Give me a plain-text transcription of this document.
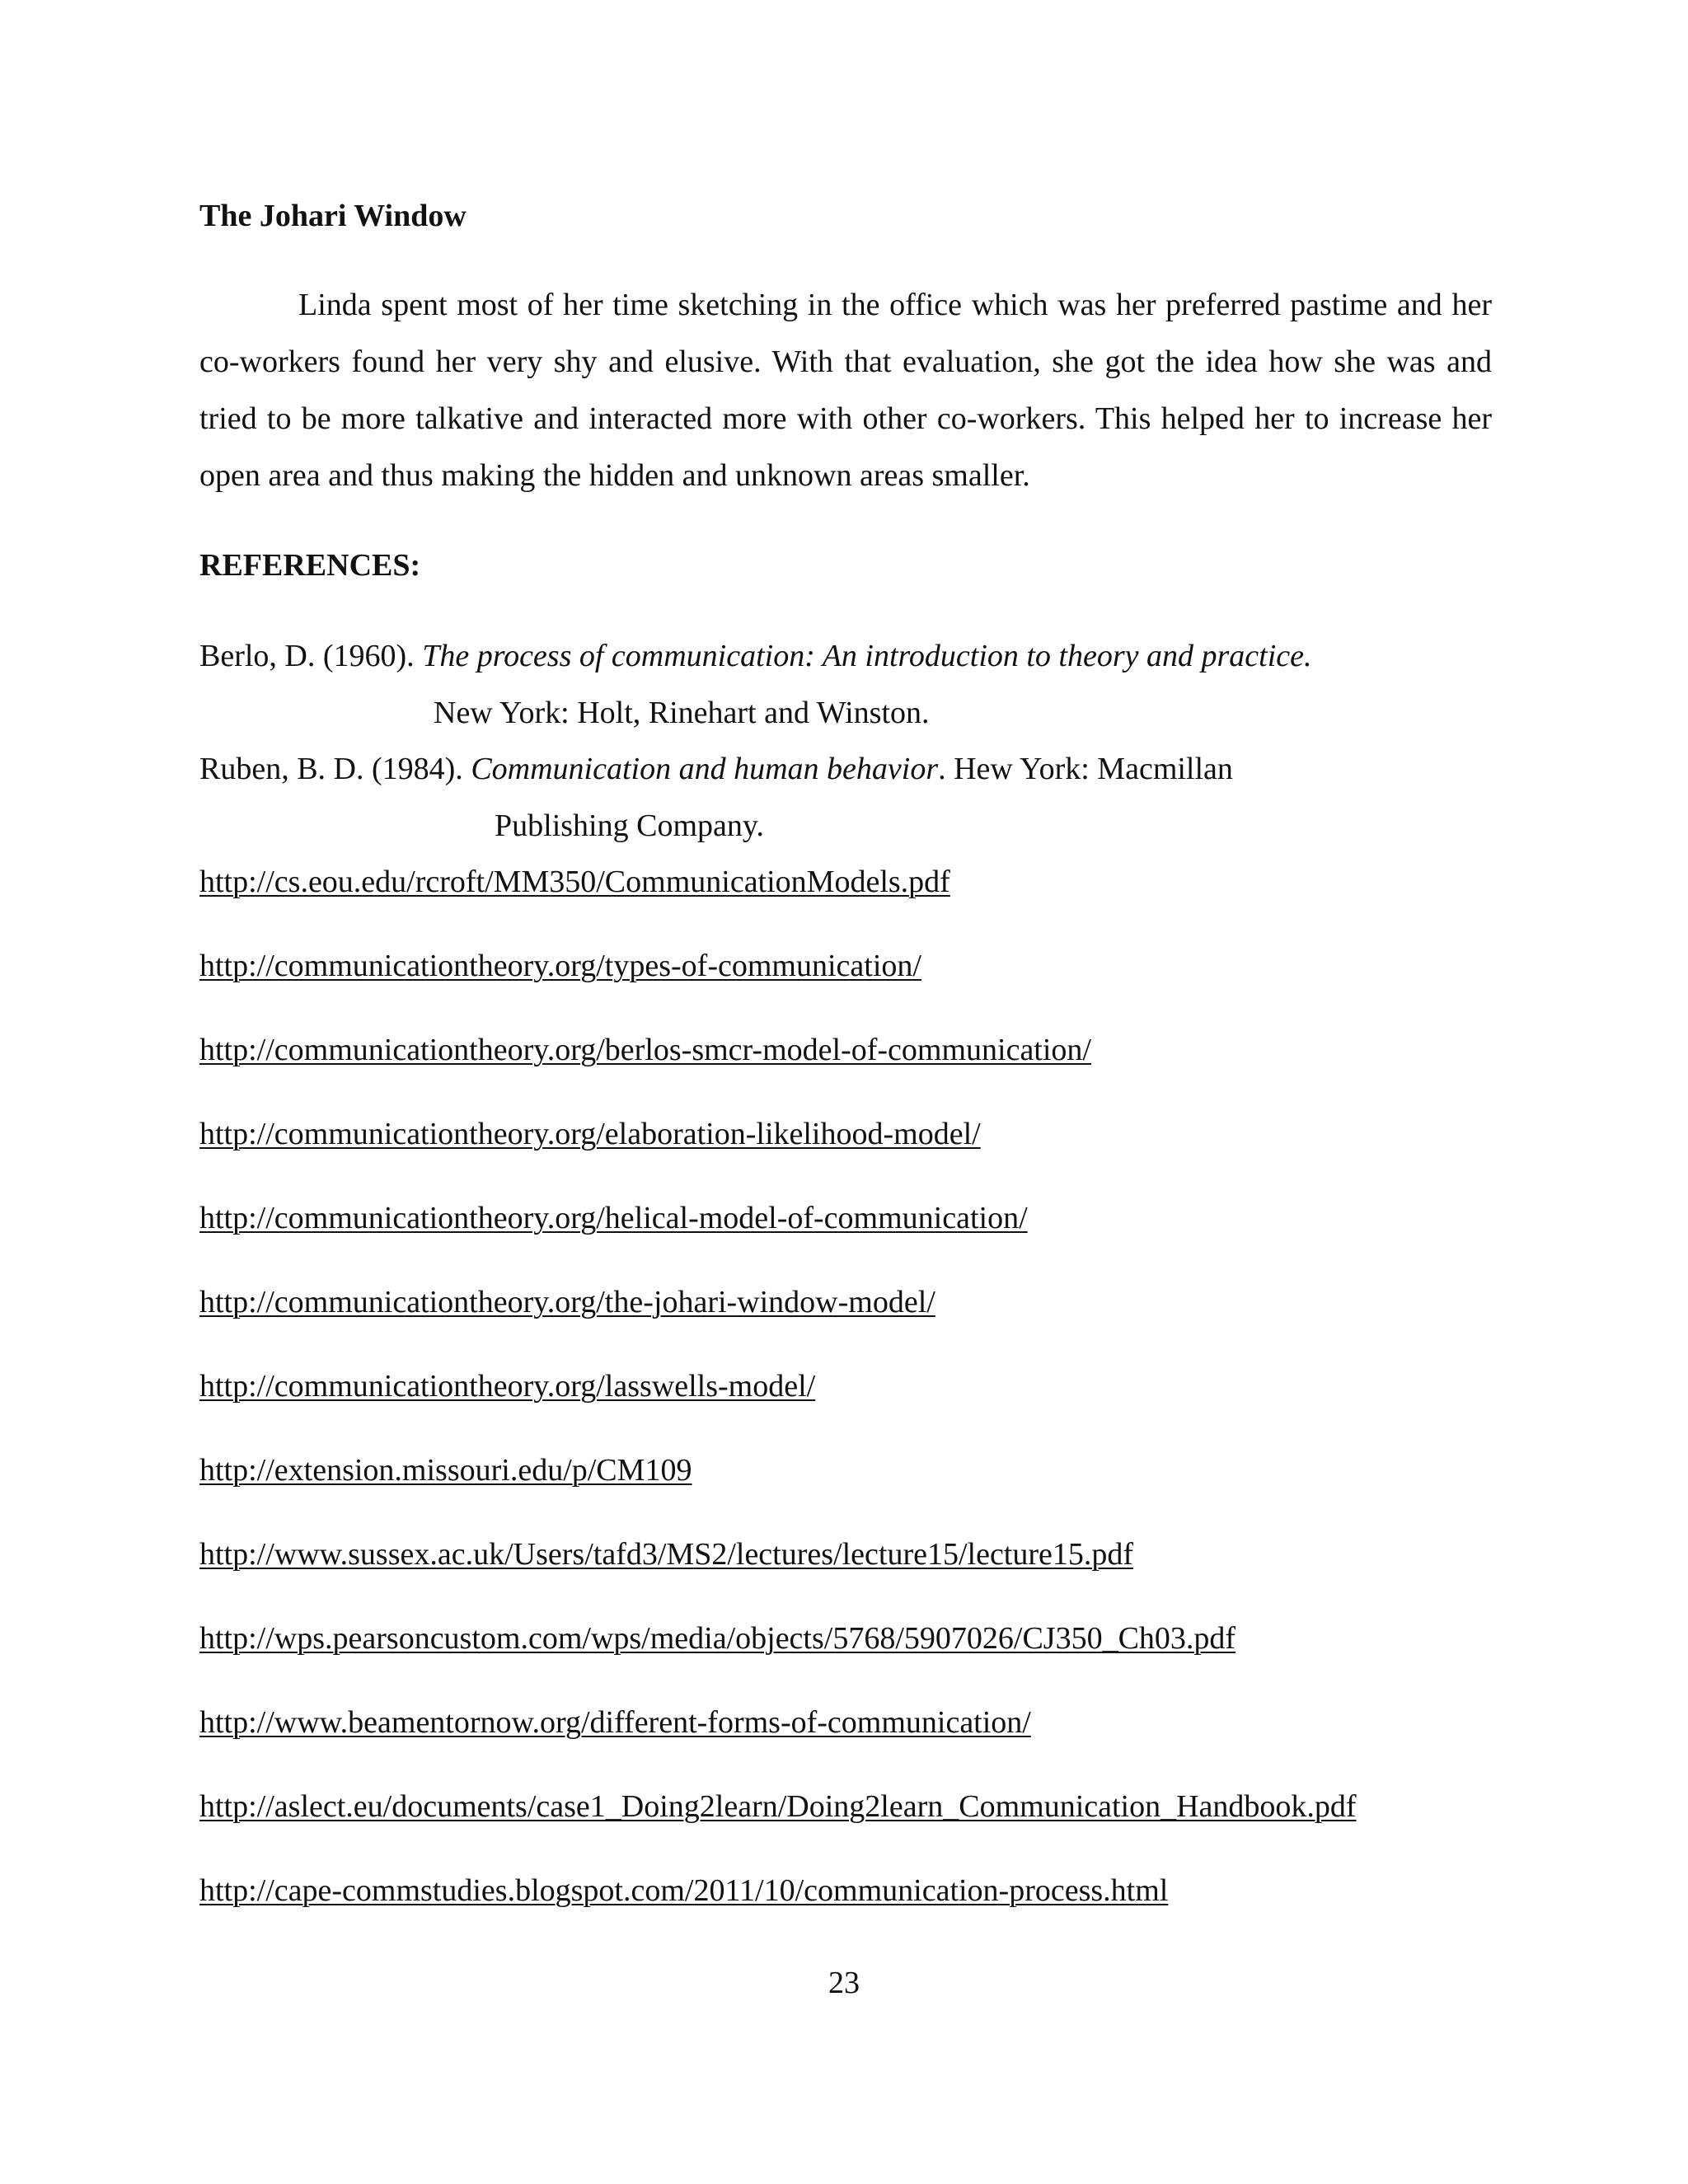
The Johari Window
Linda spent most of her time sketching in the office which was her preferred pastime and her co-workers found her very shy and elusive. With that evaluation, she got the idea how she was and tried to be more talkative and interacted more with other co-workers. This helped her to increase her open area and thus making the hidden and unknown areas smaller.
REFERENCES:
Berlo, D. (1960). The process of communication: An introduction to theory and practice.
New York: Holt, Rinehart and Winston.
Ruben, B. D. (1984). Communication and human behavior. Hew York: Macmillan
Publishing Company.
http://cs.eou.edu/rcroft/MM350/CommunicationModels.pdf
http://communicationtheory.org/types-of-communication/
http://communicationtheory.org/berlos-smcr-model-of-communication/
http://communicationtheory.org/elaboration-likelihood-model/
http://communicationtheory.org/helical-model-of-communication/
http://communicationtheory.org/the-johari-window-model/
http://communicationtheory.org/lasswells-model/
http://extension.missouri.edu/p/CM109
http://www.sussex.ac.uk/Users/tafd3/MS2/lectures/lecture15/lecture15.pdf
http://wps.pearsoncustom.com/wps/media/objects/5768/5907026/CJ350_Ch03.pdf
http://www.beamentornow.org/different-forms-of-communication/
http://aslect.eu/documents/case1_Doing2learn/Doing2learn_Communication_Handbook.pdf
http://cape-commstudies.blogspot.com/2011/10/communication-process.html
23
